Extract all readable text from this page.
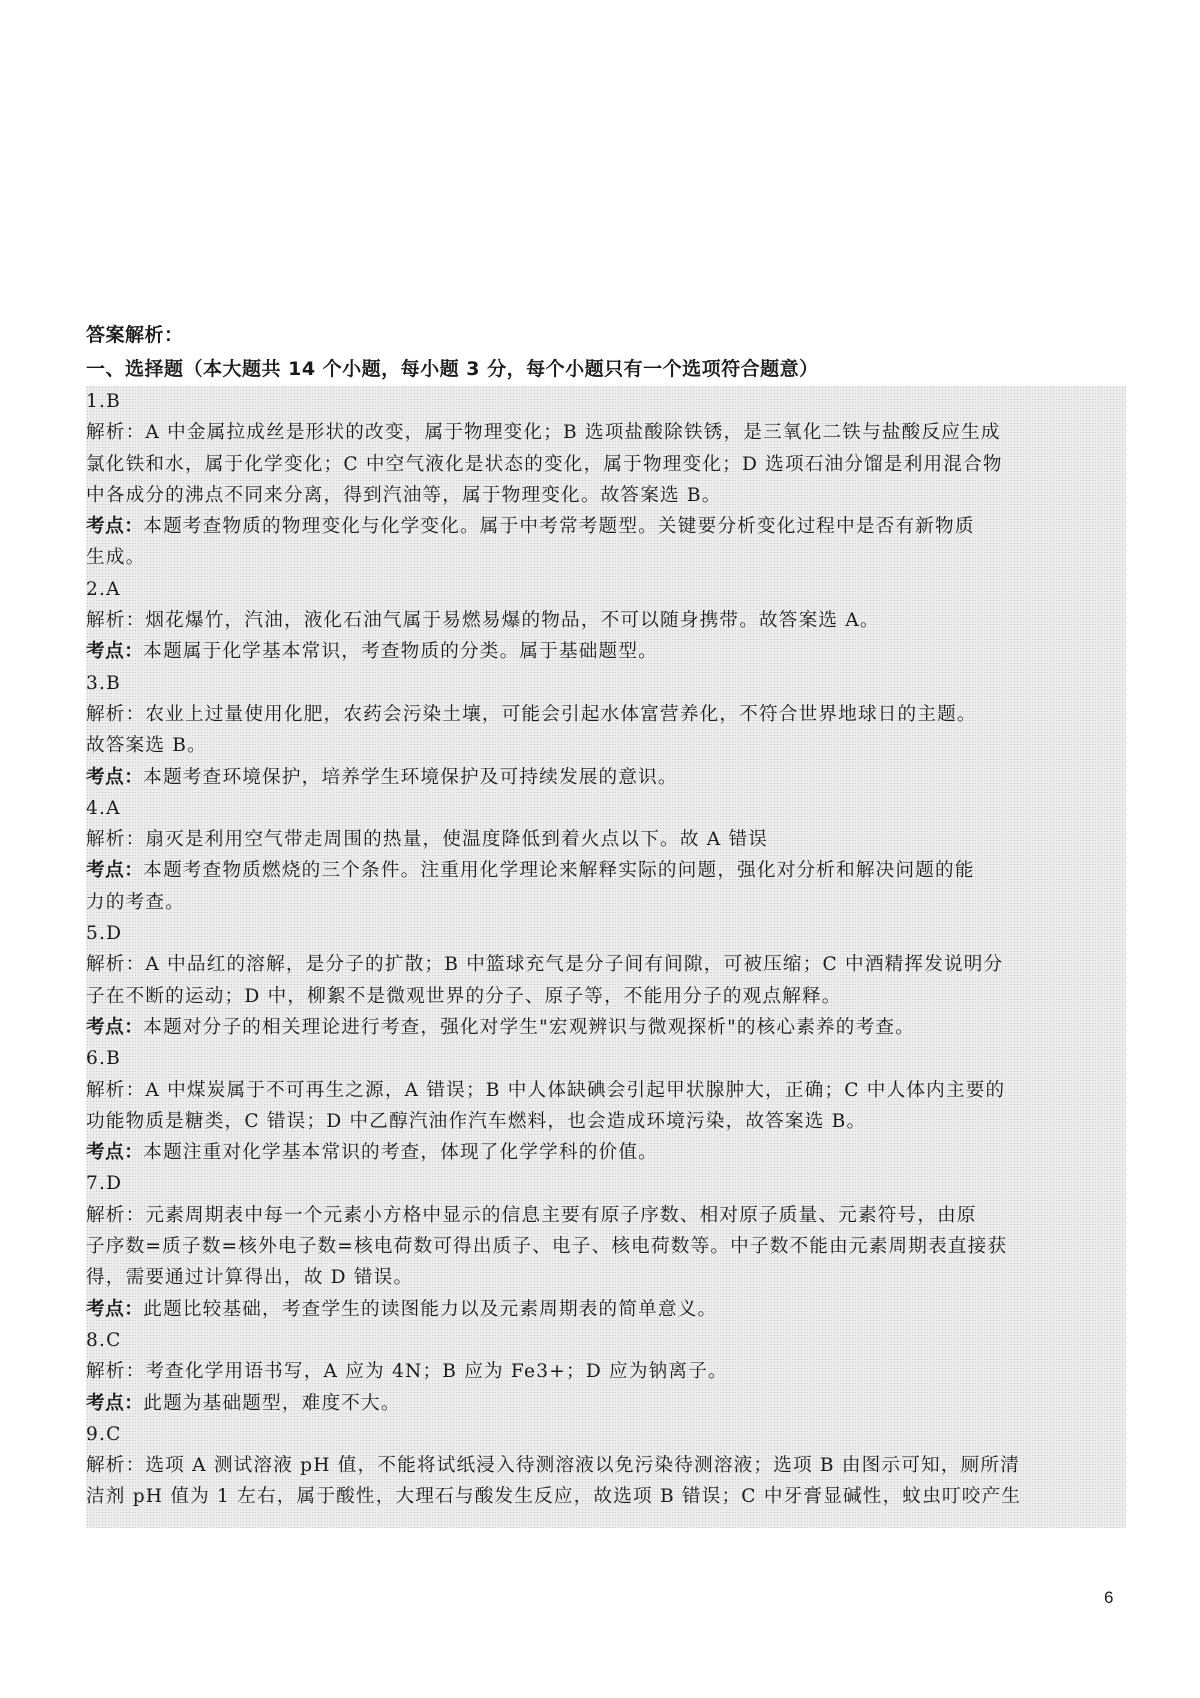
答案解析：
一、选择题（本大题共 14 个小题，每小题 3 分，每个小题只有一个选项符合题意）
1.B
解析：A 中金属拉成丝是形状的改变，属于物理变化；B 选项盐酸除铁锈，是三氧化二铁与盐酸反应生成
氯化铁和水，属于化学变化；C 中空气液化是状态的变化，属于物理变化；D 选项石油分馏是利用混合物
中各成分的沸点不同来分离，得到汽油等，属于物理变化。故答案选 B。
考点：本题考查物质的物理变化与化学变化。属于中考常考题型。关键要分析变化过程中是否有新物质
生成。
2.A
解析：烟花爆竹，汽油，液化石油气属于易燃易爆的物品，不可以随身携带。故答案选 A。
考点：本题属于化学基本常识，考查物质的分类。属于基础题型。
3.B
解析：农业上过量使用化肥，农药会污染土壤，可能会引起水体富营养化，不符合世界地球日的主题。
故答案选 B。
考点：本题考查环境保护，培养学生环境保护及可持续发展的意识。
4.A
解析：扇灭是利用空气带走周围的热量，使温度降低到着火点以下。故 A 错误
考点：本题考查物质燃烧的三个条件。注重用化学理论来解释实际的问题，强化对分析和解决问题的能
力的考查。
5.D
解析：A 中品红的溶解，是分子的扩散；B 中篮球充气是分子间有间隙，可被压缩；C 中酒精挥发说明分
子在不断的运动；D 中，柳絮不是微观世界的分子、原子等，不能用分子的观点解释。
考点：本题对分子的相关理论进行考查，强化对学生"宏观辨识与微观探析"的核心素养的考查。
6.B
解析：A 中煤炭属于不可再生之源，A 错误；B 中人体缺碘会引起甲状腺肿大，正确；C 中人体内主要的
功能物质是糖类，C 错误；D 中乙醇汽油作汽车燃料，也会造成环境污染，故答案选 B。
考点：本题注重对化学基本常识的考查，体现了化学学科的价值。
7.D
解析：元素周期表中每一个元素小方格中显示的信息主要有原子序数、相对原子质量、元素符号，由原
子序数=质子数=核外电子数=核电荷数可得出质子、电子、核电荷数等。中子数不能由元素周期表直接获
得，需要通过计算得出，故 D 错误。
考点：此题比较基础，考查学生的读图能力以及元素周期表的简单意义。
8.C
解析：考查化学用语书写，A 应为 4N；B 应为 Fe3+；D 应为钠离子。
考点：此题为基础题型，难度不大。
9.C
解析：选项 A 测试溶液 pH 值，不能将试纸浸入待测溶液以免污染待测溶液；选项 B 由图示可知，厕所清
洁剂 pH 值为 1 左右，属于酸性，大理石与酸发生反应，故选项 B 错误；C 中牙膏显碱性，蚊虫叮咬产生
6
